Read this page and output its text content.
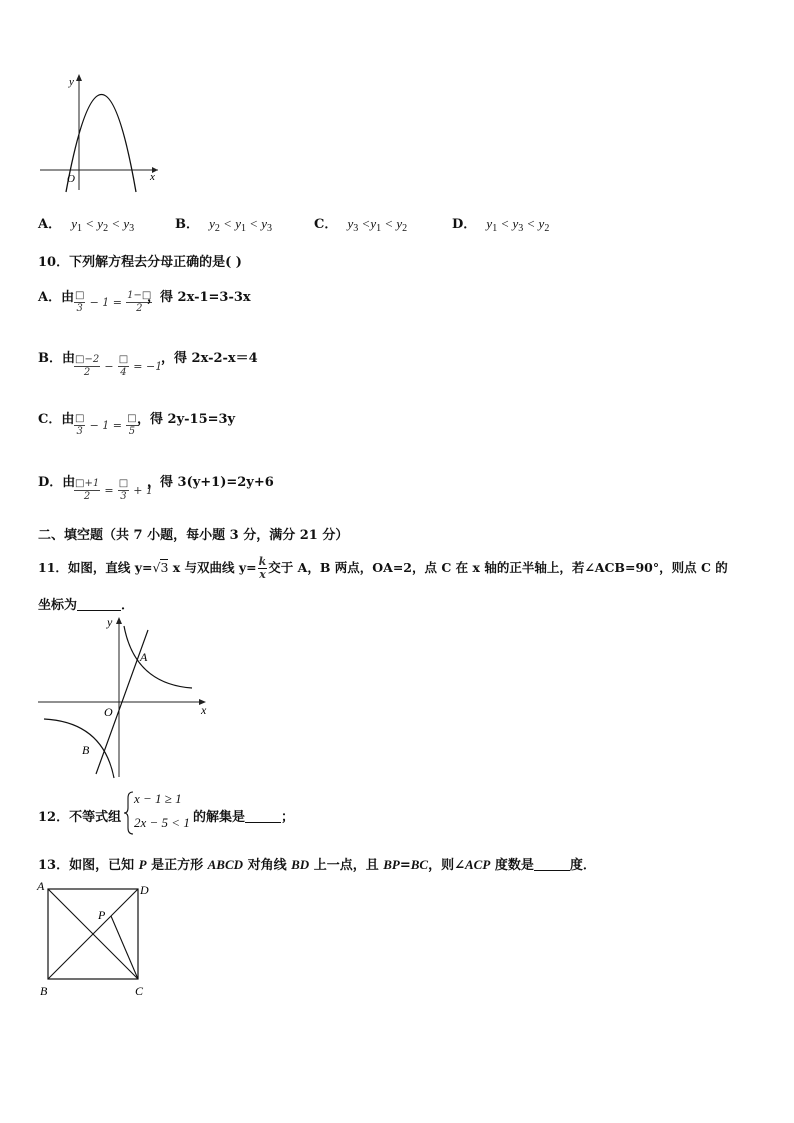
y
x
O
A． $y_1 < y_2 < y_3$	B． $y_2 < y_1 < y_3$	C． $y_3 <y_1 < y_2$	D． $y_1 < y_3 < y_2$
10．下列解方程去分母正确的是( )
A．由 $\frac{□}{3} - 1 = \frac{1-□}{2}$
，得 2x-1=3-3x
B．由 $\frac{□-2}{2} - \frac{□}{4} = -1$
，得 2x-2-x＝4
C．由 $\frac{□}{3} - 1 = \frac{□}{5}$ ，得 2y-15=3y
D．由
$\frac{□+1}{2} = \frac{□}{3} + 1$
，得 3(y+1)=2y+6
二、填空题（共 7 小题，每小题 3 分，满分 21 分）
11．如图，直线 y=√3 x 与双曲线 $y= \frac{k}{x}$ 交于 A，B 两点，OA=2，点 C 在 x 轴的正半轴上，若∠ACB=90°，则点 C 的
坐标为	．
y
x
O
A
B
12．不等式组
x − 1 ≥ 1
2x − 5 < 1 的解集是	；
13．如图，已知 P 是正方形 ABCD 对角线 BD 上一点，且 BP=BC，则∠ACP 度数是	度．
A	D
P
B	C
